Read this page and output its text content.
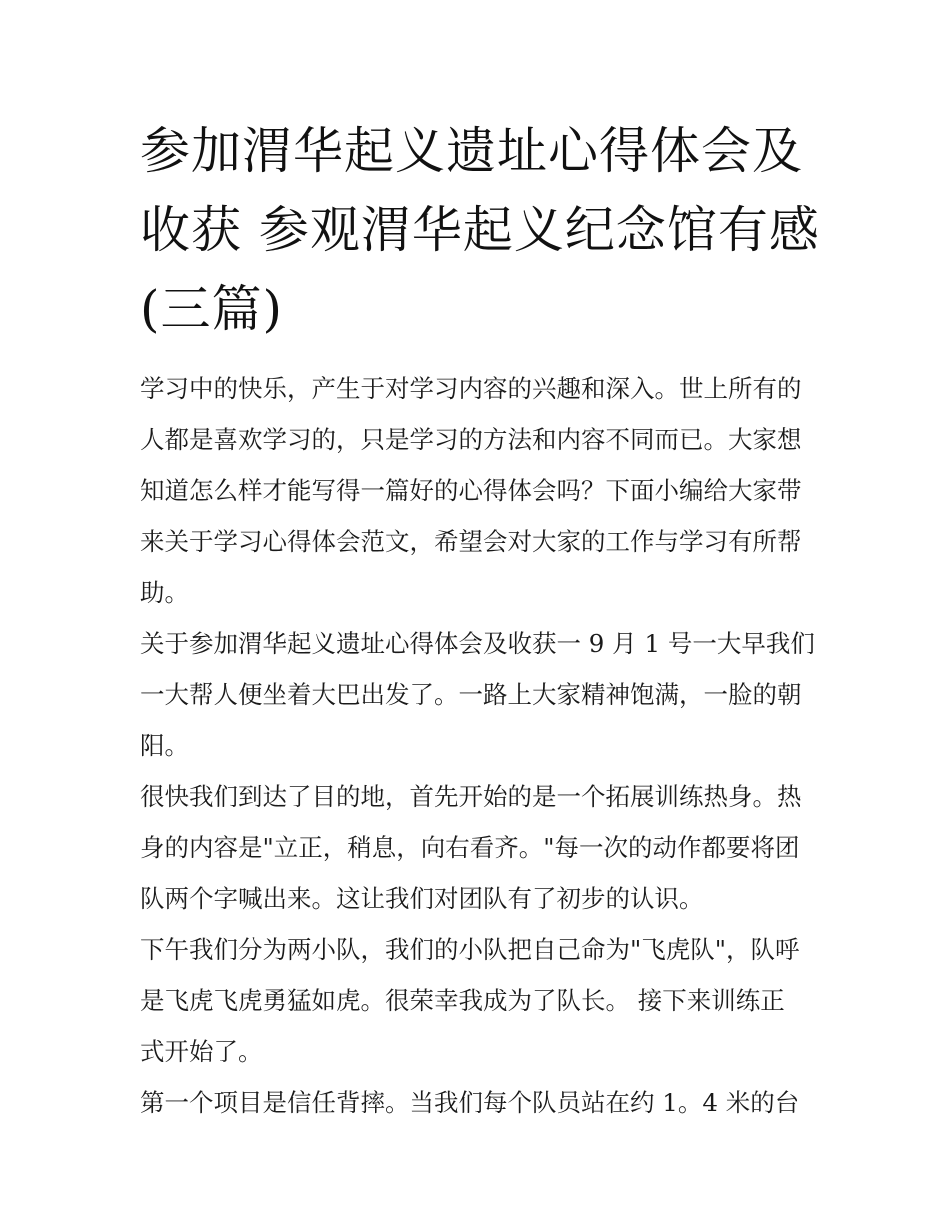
参加渭华起义遗址心得体会及
收获 参观渭华起义纪念馆有感
(三篇)

学习中的快乐，产生于对学习内容的兴趣和深入。世上所有的
人都是喜欢学习的，只是学习的方法和内容不同而已。大家想
知道怎么样才能写得一篇好的心得体会吗？下面小编给大家带
来关于学习心得体会范文，希望会对大家的工作与学习有所帮
助。

关于参加渭华起义遗址心得体会及收获一 9 月 1 号一大早我们
一大帮人便坐着大巴出发了。一路上大家精神饱满，一脸的朝
阳。

很快我们到达了目的地，首先开始的是一个拓展训练热身。热
身的内容是"立正，稍息，向右看齐。"每一次的动作都要将团
队两个字喊出来。这让我们对团队有了初步的认识。

下午我们分为两小队，我们的小队把自己命为"飞虎队"，队呼
是飞虎飞虎勇猛如虎。很荣幸我成为了队长。 接下来训练正
式开始了。

第一个项目是信任背摔。当我们每个队员站在约 1。4 米的台
